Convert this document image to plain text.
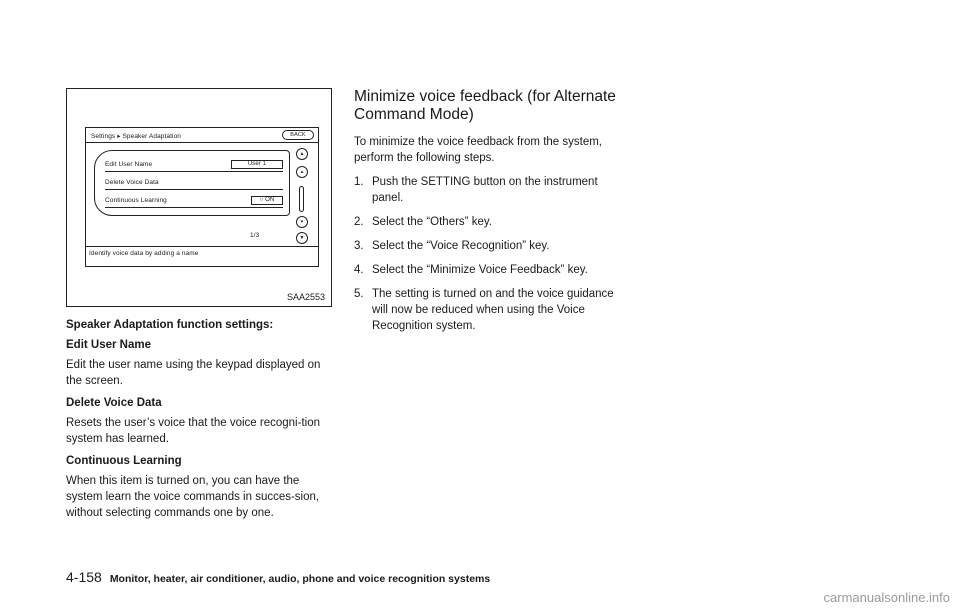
Settings ▸ Speaker Adaptation	BACK
Edit User Name	User 1
Delete Voice Data
Continuous Learning	○ ON
▲
▴
▾
▼
1/3
Identify voice data by adding a name
SAA2553

Speaker Adaptation function settings:

Edit User Name

Edit the user name using the keypad displayed on the screen.

Delete Voice Data

Resets the user’s voice that the voice recogni-tion system has learned.

Continuous Learning

When this item is turned on, you can have the system learn the voice commands in succes-sion, without selecting commands one by one.

Minimize voice feedback (for Alternate Command Mode)

To minimize the voice feedback from the system, perform the following steps.

1. Push the SETTING button on the instrument panel.
2. Select the “Others” key.
3. Select the “Voice Recognition” key.
4. Select the “Minimize Voice Feedback” key.
5. The setting is turned on and the voice guidance will now be reduced when using the Voice Recognition system.
4-158 Monitor, heater, air conditioner, audio, phone and voice recognition systems
carmanualsonline.info
